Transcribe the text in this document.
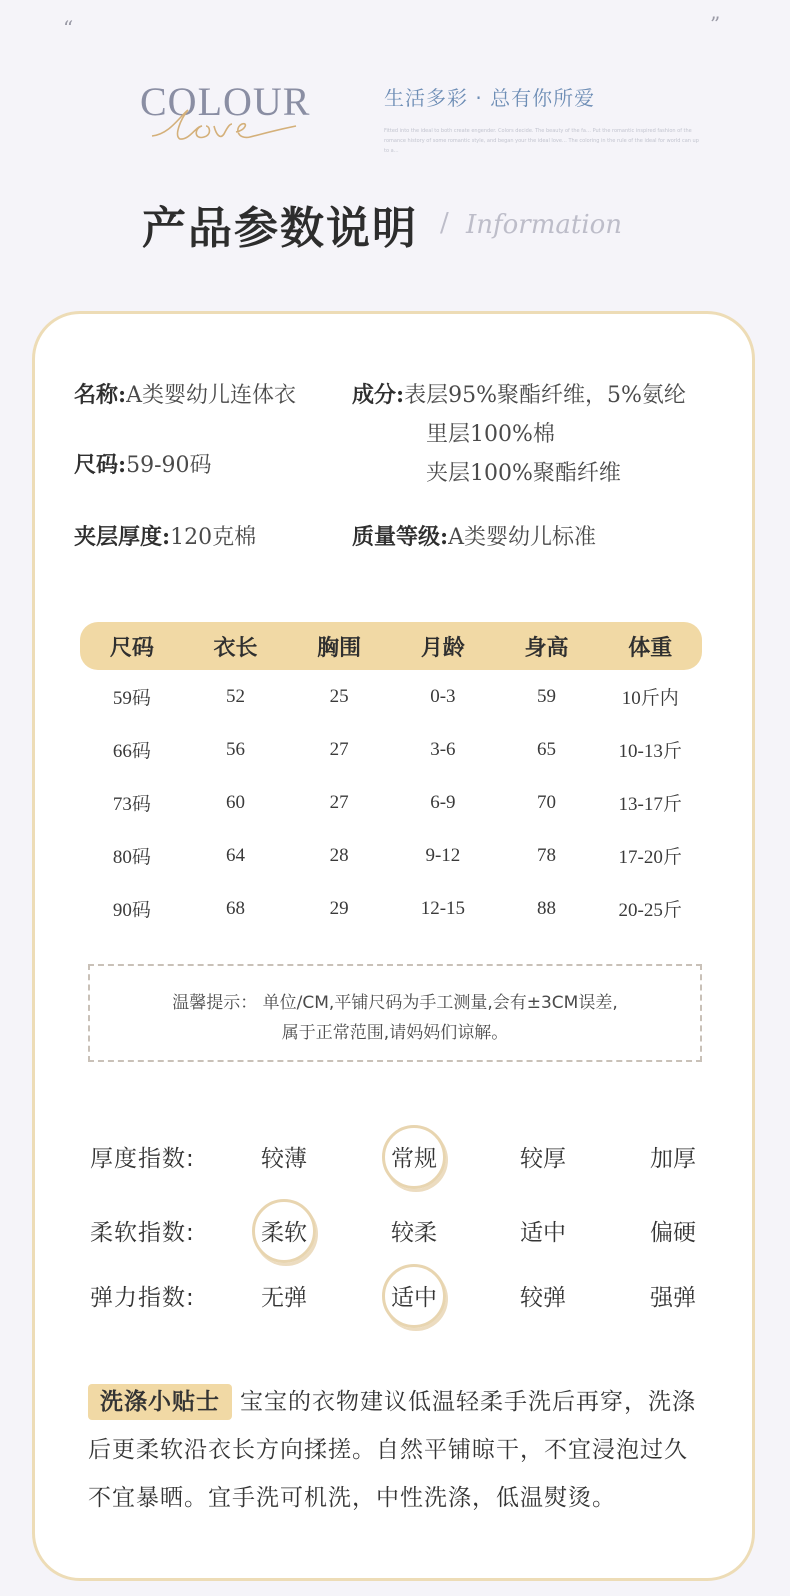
“	”
COLOUR	生活多彩 · 总有你所爱
Fitted into the ideal to both create engender. Colors decide. The beauty of the fa… Put the romantic inspired fashion of the romance history of some romantic style, and began your the ideal love… The coloring in the rule of the ideal for world can up to a…
产品参数说明 / Information
名称:A类婴幼儿连体衣	成分:表层95%聚酯纤维，5%氨纶
里层100%棉
夹层100%聚酯纤维
尺码:59-90码
夹层厚度:120克棉	质量等级:A类婴幼儿标准
尺码	衣长	胸围	月龄	身高	体重
59码	52	25	0-3	59	10斤内
66码	56	27	3-6	65	10-13斤
73码	60	27	6-9	70	13-17斤
80码	64	28	9-12	78	17-20斤
90码	68	29	12-15	88	20-25斤
温馨提示： 单位/CM,平铺尺码为手工测量,会有±3CM误差,
属于正常范围,请妈妈们谅解。
厚度指数:	较薄	常规	较厚	加厚
柔软指数:	柔软	较柔	适中	偏硬
弹力指数:	无弹	适中	较弹	强弹
洗涤小贴士 宝宝的衣物建议低温轻柔手洗后再穿，洗涤后更柔软沿衣长方向揉搓。自然平铺晾干，不宜浸泡过久不宜暴晒。宜手洗可机洗，中性洗涤，低温熨烫。
